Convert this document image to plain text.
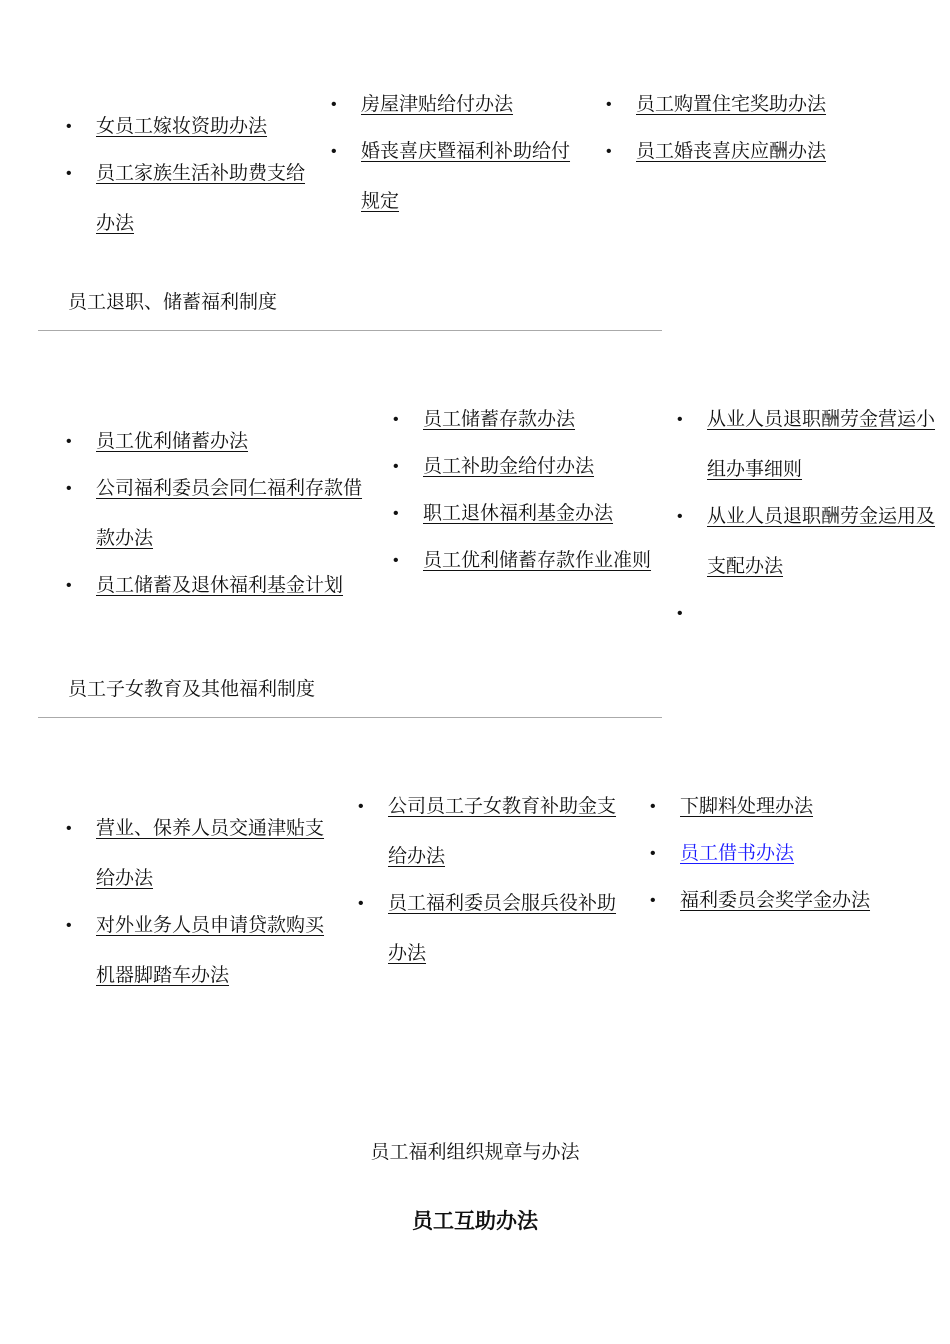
• 女员工嫁妆资助办法
• 员工家族生活补助费支给办法
• 房屋津贴给付办法
• 婚丧喜庆暨福利补助给付规定
• 员工购置住宅奖助办法
• 员工婚丧喜庆应酬办法
员工退职、储蓄福利制度
• 员工优利储蓄办法
• 公司福利委员会同仁福利存款借款办法
• 员工储蓄及退休福利基金计划
• 员工储蓄存款办法
• 员工补助金给付办法
• 职工退休福利基金办法
• 员工优利储蓄存款作业准则
• 从业人员退职酬劳金营运小组办事细则
• 从业人员退职酬劳金运用及支配办法
•
员工子女教育及其他福利制度
• 营业、保养人员交通津贴支给办法
• 对外业务人员申请贷款购买机器脚踏车办法
• 公司员工子女教育补助金支给办法
• 员工福利委员会服兵役补助办法
• 下脚料处理办法
• 员工借书办法
• 福利委员会奖学金办法
员工福利组织规章与办法
员工互助办法
